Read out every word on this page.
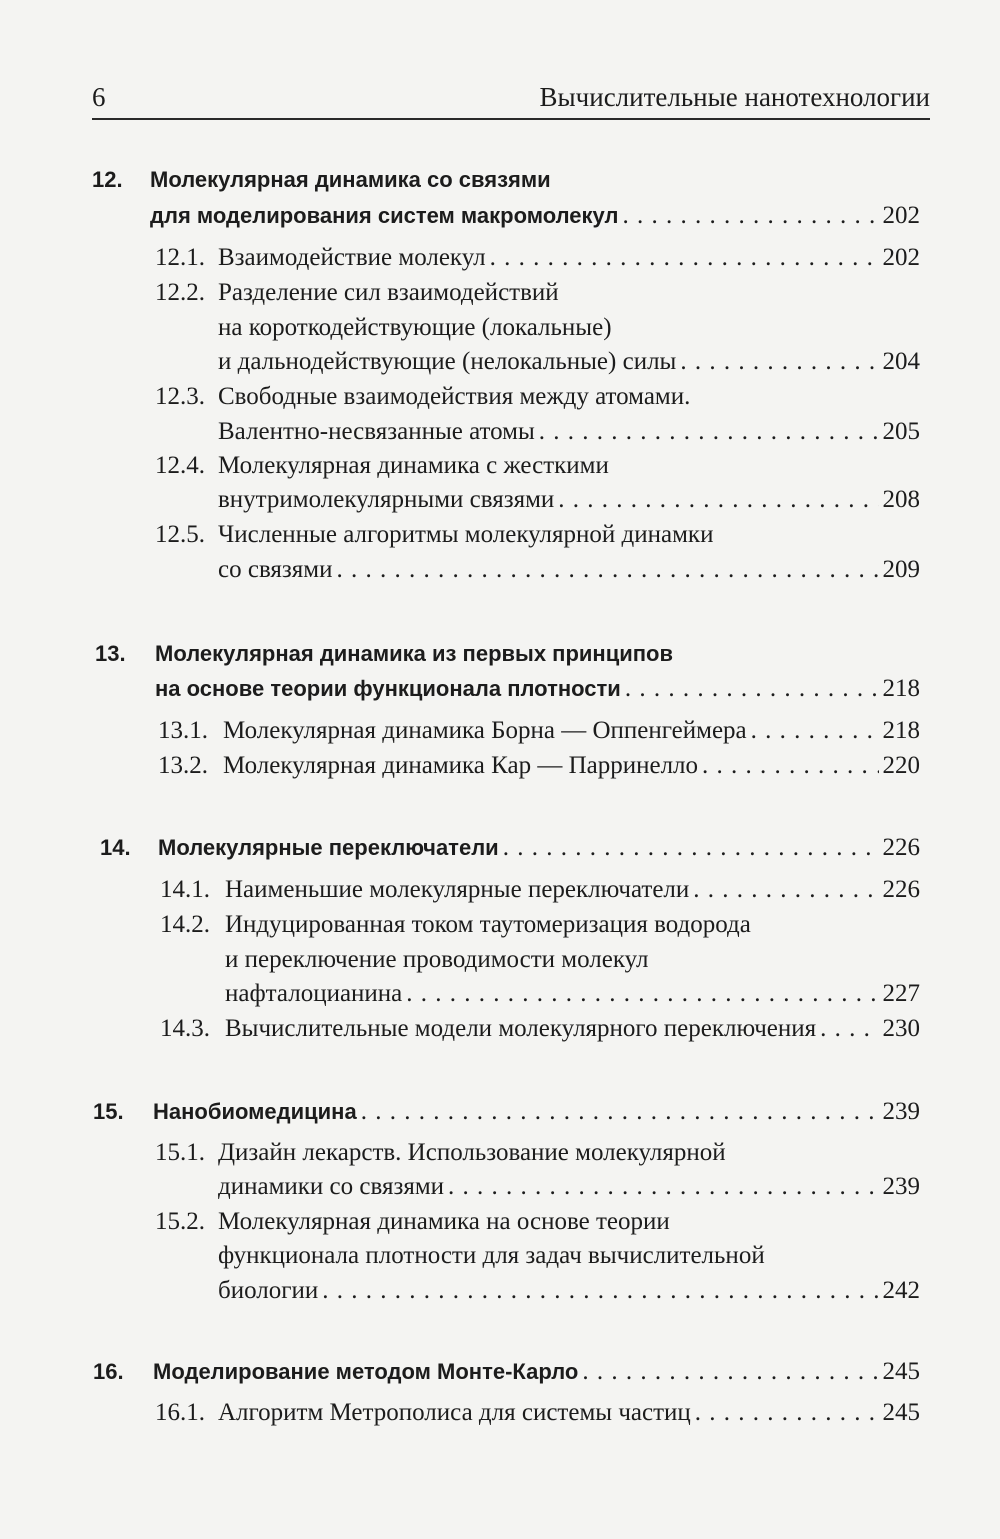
6	Вычислительные нанотехнологии
12. Молекулярная динамика со связями
для моделирования систем макромолекул . . .	202
12.1. Взаимодействие молекул . . .	202
12.2. Разделение сил взаимодействий
на короткодействующие (локальные)
и дальнодействующие (нелокальные) силы . . .	204
12.3. Свободные взаимодействия между атомами.
Валентно-несвязанные атомы . . .	205
12.4. Молекулярная динамика с жесткими
внутримолекулярными связями . . .	208
12.5. Численные алгоритмы молекулярной динамки
со связями . . .	209
13. Молекулярная динамика из первых принципов
на основе теории функционала плотности . . .	218
13.1. Молекулярная динамика Борна — Оппенгеймера . . .	218
13.2. Молекулярная динамика Кар — Парринелло . . .	220
14. Молекулярные переключатели . . .	226
14.1. Наименьшие молекулярные переключатели . . .	226
14.2. Индуцированная током таутомеризация водорода
и переключение проводимости молекул
нафталоцианина . . .	227
14.3. Вычислительные модели молекулярного переключения . . .	230
15. Нанобиомедицина . . .	239
15.1. Дизайн лекарств. Использование молекулярной
динамики со связями . . .	239
15.2. Молекулярная динамика на основе теории
функционала плотности для задач вычислительной
биологии . . .	242
16. Моделирование методом Монте-Карло . . .	245
16.1. Алгоритм Метрополиса для системы частиц . . .	245
